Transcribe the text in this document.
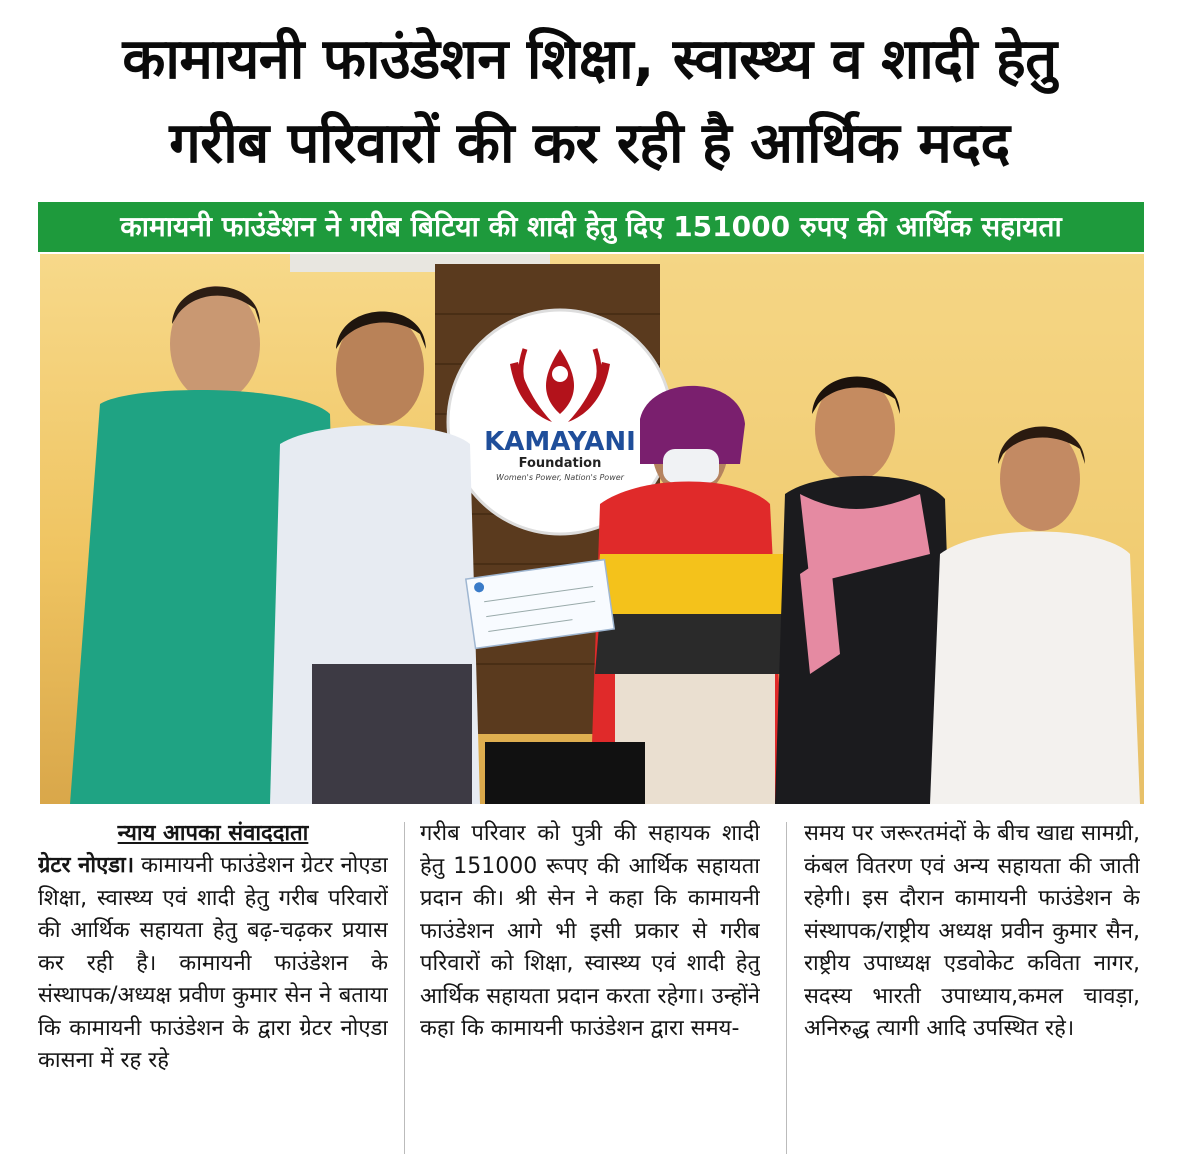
कामायनी फाउंडेशन शिक्षा, स्वास्थ्य व शादी हेतु
गरीब परिवारों की कर रही है आर्थिक मदद
कामायनी फाउंडेशन ने गरीब बिटिया की शादी हेतु दिए 151000 रुपए की आर्थिक सहायता
KAMAYANI
Foundation
Women's Power, Nation's Power
न्याय आपका संवाददाता
ग्रेटर नोएडा। कामायनी फाउंडेशन ग्रेटर नोएडा शिक्षा, स्वास्थ्य एवं शादी हेतु गरीब परिवारों की आर्थिक सहायता हेतु बढ़-चढ़कर प्रयास कर रही है। कामायनी फाउंडेशन के संस्थापक/अध्यक्ष प्रवीण कुमार सेन ने बताया कि कामायनी फाउंडेशन के द्वारा ग्रेटर नोएडा कासना में रह रहे
गरीब परिवार को पुत्री की सहायक शादी हेतु 151000 रूपए की आर्थिक सहायता प्रदान की। श्री सेन ने कहा कि कामायनी फाउंडेशन आगे भी इसी प्रकार से गरीब परिवारों को शिक्षा, स्वास्थ्य एवं शादी हेतु आर्थिक सहायता प्रदान करता रहेगा। उन्होंने कहा कि कामायनी फाउंडेशन द्वारा समय-
समय पर जरूरतमंदों के बीच खाद्य सामग्री, कंबल वितरण एवं अन्य सहायता की जाती रहेगी। इस दौरान कामायनी फाउंडेशन के संस्थापक/राष्ट्रीय अध्यक्ष प्रवीन कुमार सैन, राष्ट्रीय उपाध्यक्ष एडवोकेट कविता नागर, सदस्य भारती उपाध्याय,कमल चावड़ा, अनिरुद्ध त्यागी आदि उपस्थित रहे।
